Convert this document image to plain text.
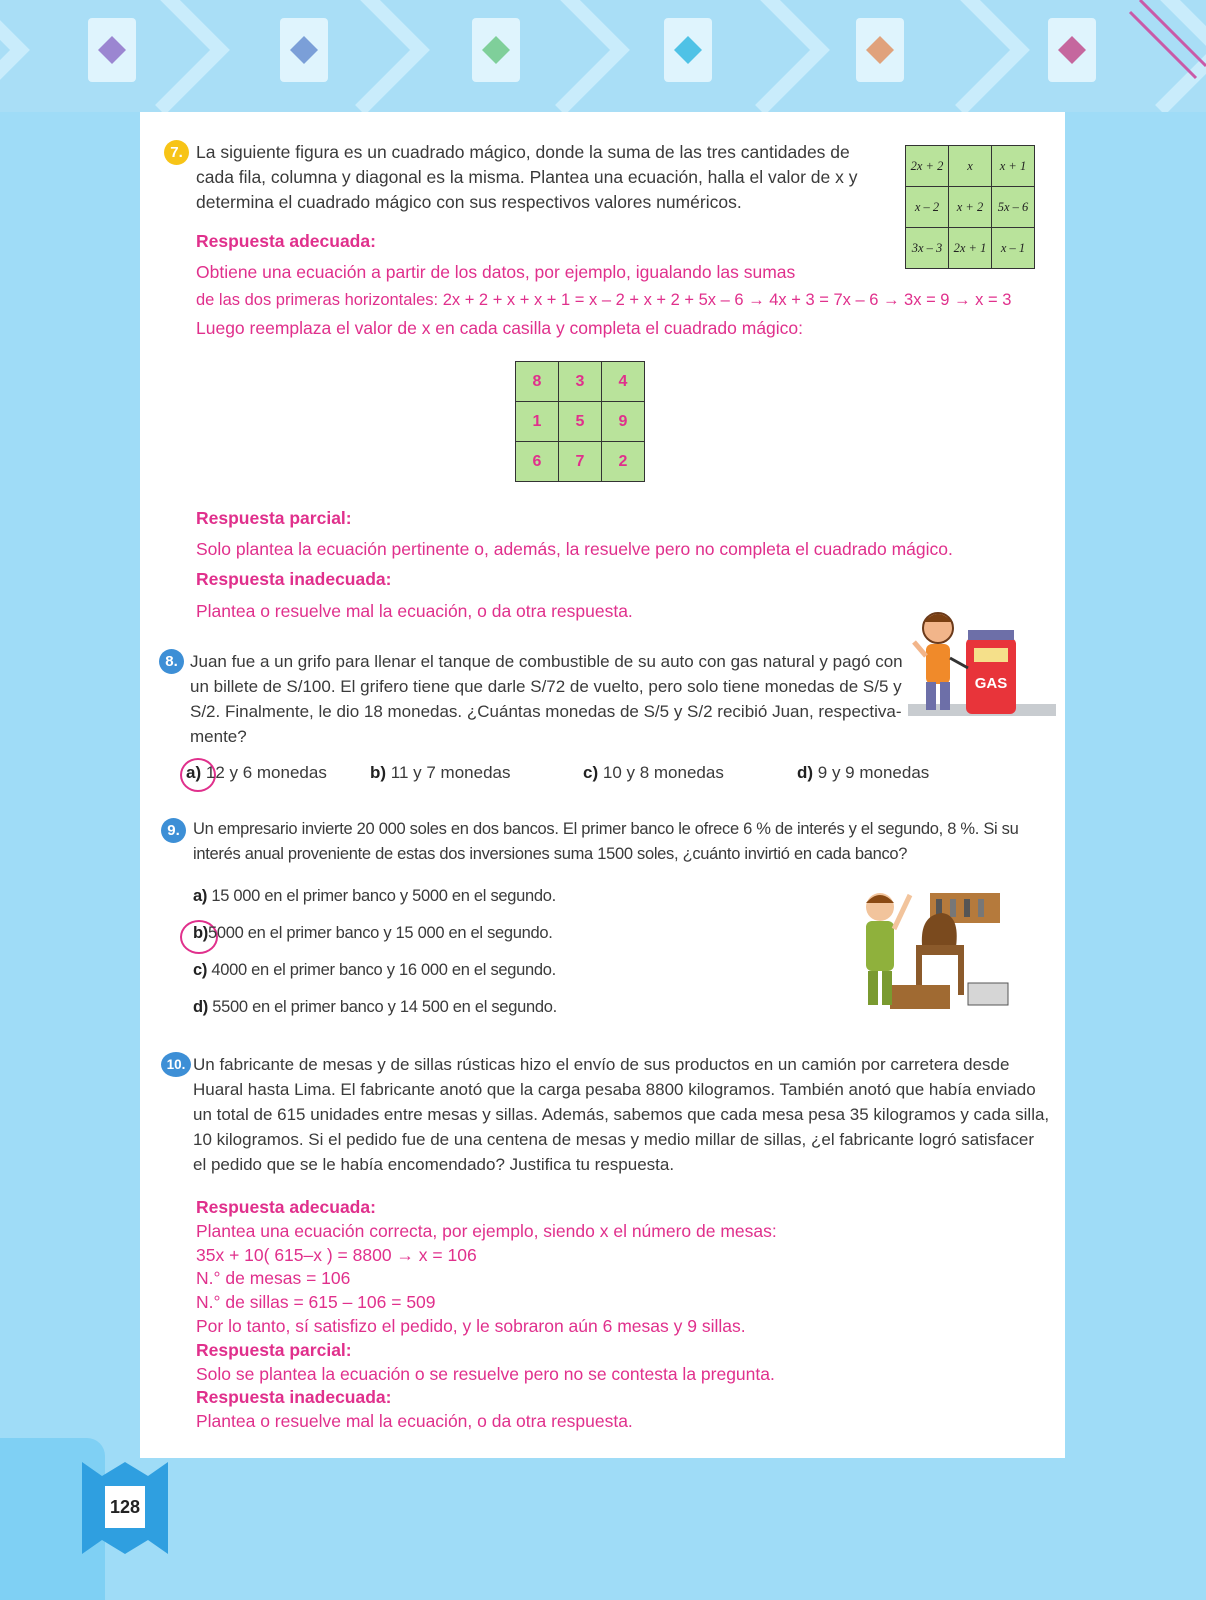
7. La siguiente figura es un cuadrado mágico, donde la suma de las tres cantidades de
cada fila, columna y diagonal es la misma. Plantea una ecuación, halla el valor de x y
determina el cuadrado mágico con sus respectivos valores numéricos.
2x + 2	x	x + 1
x – 2	x + 2	5x – 6
3x – 3	2x + 1	x – 1
Respuesta adecuada:
Obtiene una ecuación a partir de los datos, por ejemplo, igualando las sumas
de las dos primeras horizontales: 2x + 2 + x + x + 1 = x – 2 + x + 2 + 5x – 6 → 4x + 3 = 7x – 6 → 3x = 9 → x = 3
Luego reemplaza el valor de x en cada casilla y completa el cuadrado mágico:
8	3	4
1	5	9
6	7	2
Respuesta parcial:
Solo plantea la ecuación pertinente o, además, la resuelve pero no completa el cuadrado mágico.
Respuesta inadecuada:
Plantea o resuelve mal la ecuación, o da otra respuesta.
8. Juan fue a un grifo para llenar el tanque de combustible de su auto con gas natural y pagó con
un billete de S/100. El grifero tiene que darle S/72 de vuelto, pero solo tiene monedas de S/5 y
S/2. Finalmente, le dio 18 monedas. ¿Cuántas monedas de S/5 y S/2 recibió Juan, respectiva-
mente?
GAS
a) 12 y 6 monedas	b) 11 y 7 monedas	c) 10 y 8 monedas	d) 9 y 9 monedas
9. Un empresario invierte 20 000 soles en dos bancos. El primer banco le ofrece 6 % de interés y el segundo, 8 %. Si su
interés anual proveniente de estas dos inversiones suma 1500 soles, ¿cuánto invirtió en cada banco?
a) 15 000 en el primer banco y 5000 en el segundo.
b)5000 en el primer banco y 15 000 en el segundo.
c) 4000 en el primer banco y 16 000 en el segundo.
d) 5500 en el primer banco y 14 500 en el segundo.
10. Un fabricante de mesas y de sillas rústicas hizo el envío de sus productos en un camión por carretera desde
Huaral hasta Lima. El fabricante anotó que la carga pesaba 8800 kilogramos. También anotó que había enviado
un total de 615 unidades entre mesas y sillas. Además, sabemos que cada mesa pesa 35 kilogramos y cada silla,
10 kilogramos. Si el pedido fue de una centena de mesas y medio millar de sillas, ¿el fabricante logró satisfacer
el pedido que se le había encomendado? Justifica tu respuesta.
Respuesta adecuada:
Plantea una ecuación correcta, por ejemplo, siendo x el número de mesas:
35x + 10( 615–x ) = 8800 → x = 106
N.° de mesas = 106
N.° de sillas = 615 – 106 = 509
Por lo tanto, sí satisfizo el pedido, y le sobraron aún 6 mesas y 9 sillas.
Respuesta parcial:
Solo se plantea la ecuación o se resuelve pero no se contesta la pregunta.
Respuesta inadecuada:
Plantea o resuelve mal la ecuación, o da otra respuesta.
128
